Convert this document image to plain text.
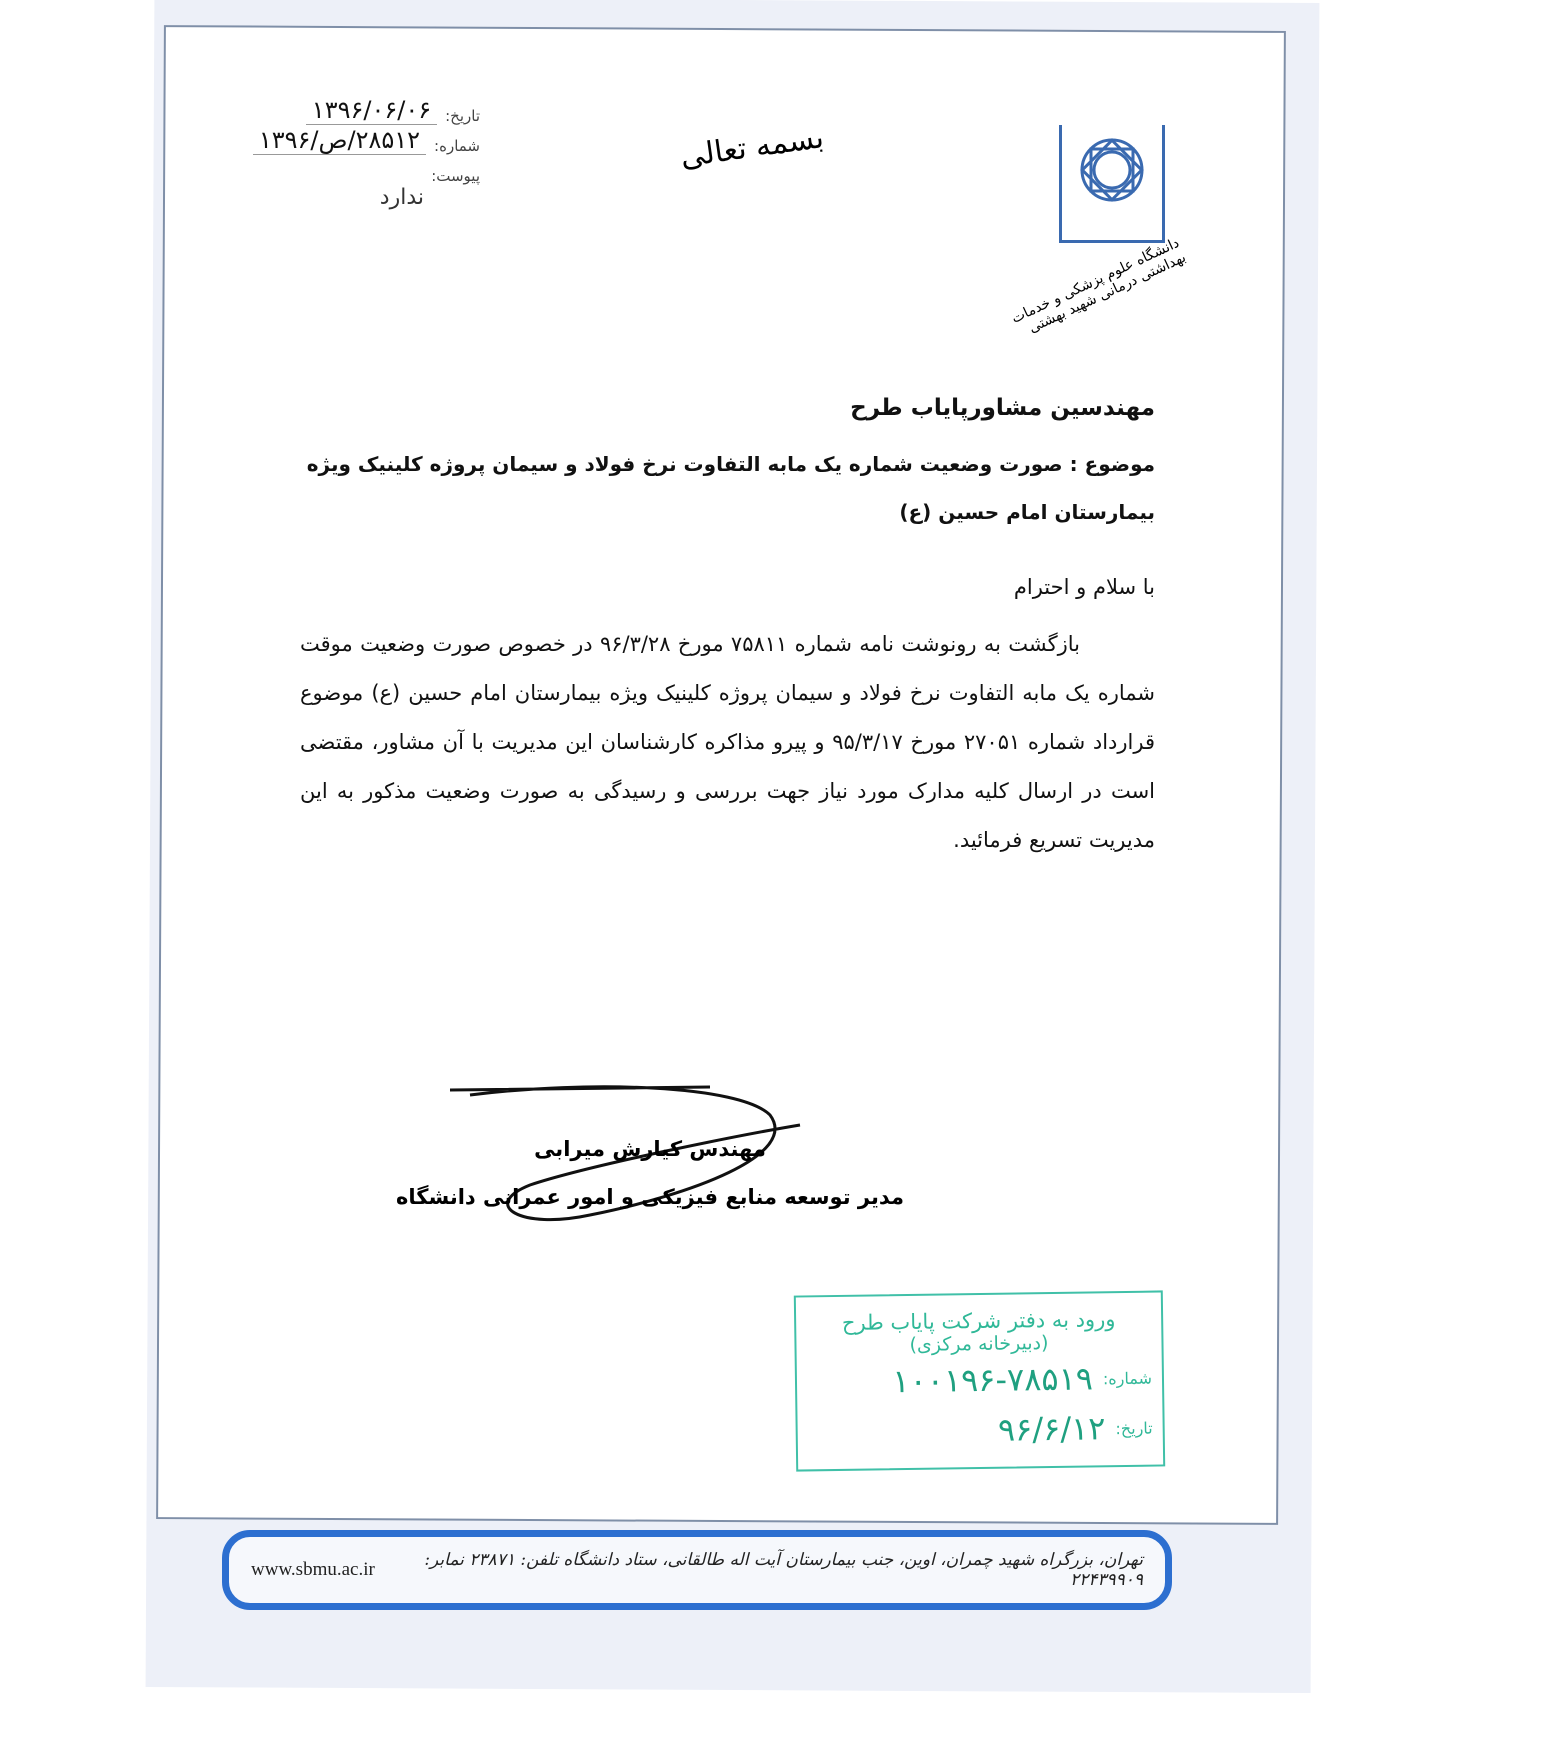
تاریخ:
۱۳۹۶/۰۶/۰۶
شماره:
۲۸۵۱۲/ص/۱۳۹۶
پیوست:
ندارد
بسمه تعالی
دانشگاه علوم پزشکی و خدمات بهداشتی درمانی شهید بهشتی
مهندسین مشاورپایاب طرح
موضوع : صورت وضعیت شماره یک مابه التفاوت نرخ فولاد و سیمان پروژه کلینیک ویژه بیمارستان امام حسین (ع)
با سلام و احترام
بازگشت به رونوشت نامه شماره ۷۵۸۱۱ مورخ ۹۶/۳/۲۸ در خصوص صورت وضعیت موقت شماره یک مابه التفاوت نرخ فولاد و سیمان پروژه کلینیک ویژه بیمارستان امام حسین (ع) موضوع قرارداد شماره ۲۷۰۵۱ مورخ ۹۵/۳/۱۷ و پیرو مذاکره کارشناسان این مدیریت با آن مشاور، مقتضی است در ارسال کلیه مدارک مورد نیاز جهت بررسی و رسیدگی به صورت وضعیت مذکور به این مدیریت تسریع فرمائید.
مهندس کیارش میرابی
مدیر توسعه منابع فیزیکی و امور عمرانی دانشگاه
ورود به دفتر شرکت پایاب طرح
(دبیرخانه مرکزی)
شماره:
۱۰۰۱۹۶-۷۸۵۱۹
تاریخ:
۹۶/۶/۱۲
www.sbmu.ac.ir	تهران، بزرگراه شهید چمران، اوین، جنب بیمارستان آیت اله طالقانی، ستاد دانشگاه تلفن: ۲۳۸۷۱ نمابر: ۲۲۴۳۹۹۰۹
